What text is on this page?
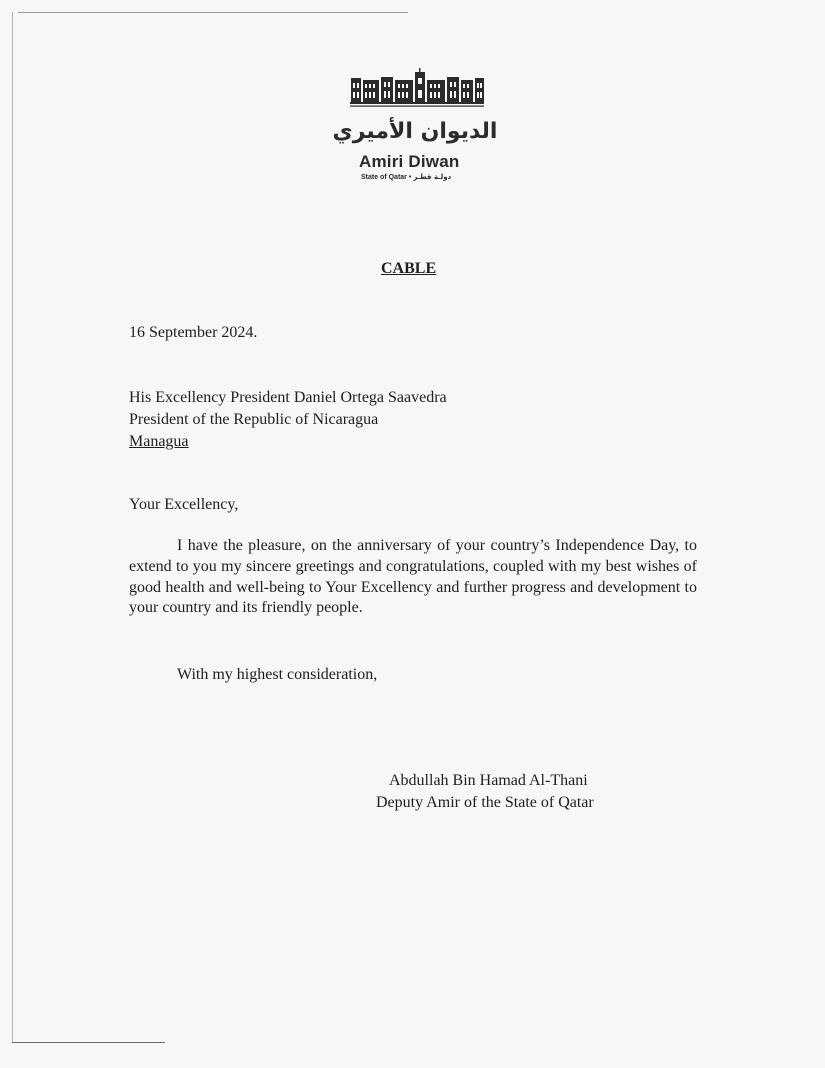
الديوان الأميري
Amiri Diwan
State of Qatar • دولـة قطـر
CABLE
16 September 2024.
His Excellency President Daniel Ortega Saavedra
President of the Republic of Nicaragua
Managua
Your Excellency,
I have the pleasure, on the anniversary of your country’s Independence Day, to extend to you my sincere greetings and congratulations, coupled with my best wishes of good health and well-being to Your Excellency and further progress and development to your country and its friendly people.
With my highest consideration,
Abdullah Bin Hamad Al-Thani
Deputy Amir of the State of Qatar
